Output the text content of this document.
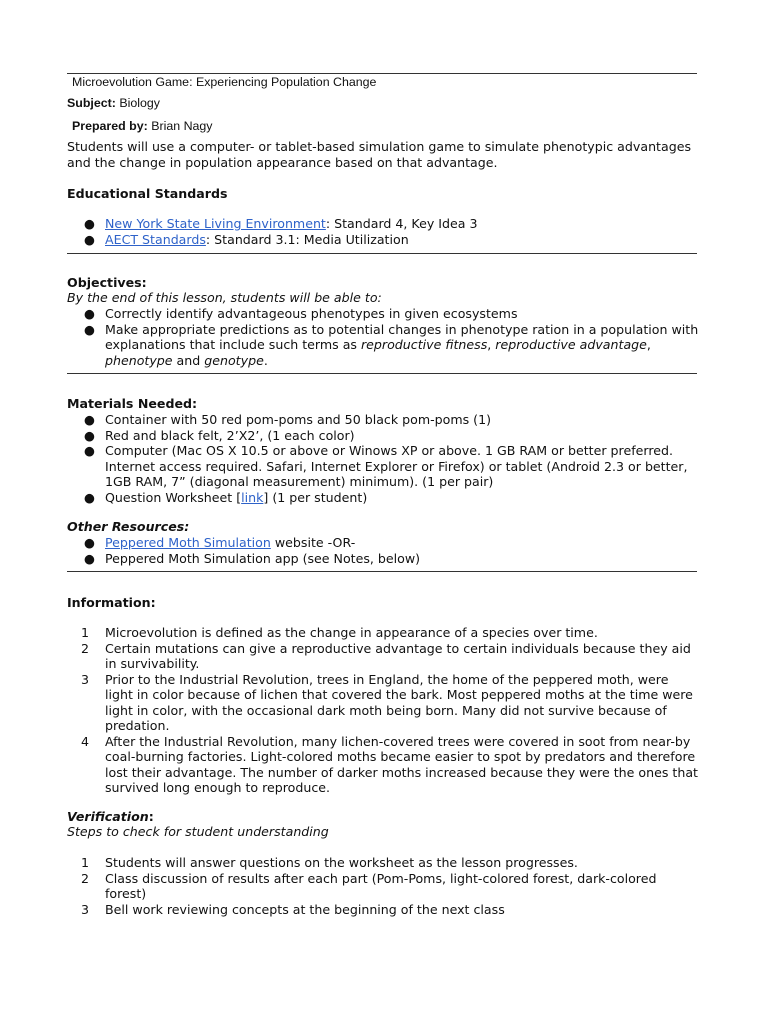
Microevolution Game: Experiencing Population Change
Subject: Biology
Prepared by: Brian Nagy
Students will use a computer- or tablet-based simulation game to simulate phenotypic advantages
and the change in population appearance based on that advantage.
Educational Standards
● New York State Living Environment: Standard 4, Key Idea 3
● AECT Standards: Standard 3.1: Media Utilization
Objectives:
By the end of this lesson, students will be able to:
● Correctly identify advantageous phenotypes in given ecosystems
● Make appropriate predictions as to potential changes in phenotype ration in a population with
explanations that include such terms as reproductive fitness, reproductive advantage,
phenotype and genotype.
Materials Needed:
● Container with 50 red pom-poms and 50 black pom-poms (1)
● Red and black felt, 2’X2’, (1 each color)
● Computer (Mac OS X 10.5 or above or Winows XP or above. 1 GB RAM or better preferred.
Internet access required. Safari, Internet Explorer or Firefox) or tablet (Android 2.3 or better,
1GB RAM, 7” (diagonal measurement) minimum). (1 per pair)
● Question Worksheet [link] (1 per student)
Other Resources:
● Peppered Moth Simulation website -OR-
● Peppered Moth Simulation app (see Notes, below)
Information:
1 Microevolution is defined as the change in appearance of a species over time.
2 Certain mutations can give a reproductive advantage to certain individuals because they aid
in survivability.
3 Prior to the Industrial Revolution, trees in England, the home of the peppered moth, were
light in color because of lichen that covered the bark. Most peppered moths at the time were
light in color, with the occasional dark moth being born. Many did not survive because of
predation.
4 After the Industrial Revolution, many lichen-covered trees were covered in soot from near-by
coal-burning factories. Light-colored moths became easier to spot by predators and therefore
lost their advantage. The number of darker moths increased because they were the ones that
survived long enough to reproduce.
Verification:
Steps to check for student understanding
1 Students will answer questions on the worksheet as the lesson progresses.
2 Class discussion of results after each part (Pom-Poms, light-colored forest, dark-colored
forest)
3 Bell work reviewing concepts at the beginning of the next class
